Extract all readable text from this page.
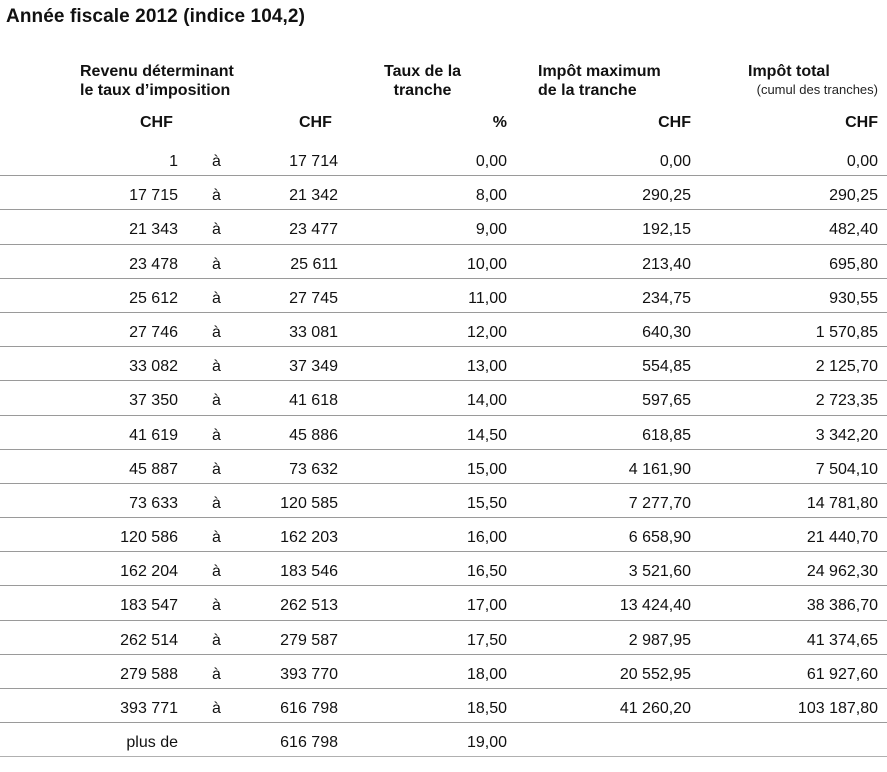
Année fiscale 2012 (indice 104,2)
Revenu déterminant
le taux d’imposition
Taux de la
tranche
Impôt maximum
de la tranche
Impôt total
(cumul des tranches)
CHF	CHF	%	CHF	CHF
1 à	17 714	0,00	0,00	0,00
17 715 à	21 342	8,00	290,25	290,25
21 343 à	23 477	9,00	192,15	482,40
23 478 à	25 611	10,00	213,40	695,80
25 612 à	27 745	11,00	234,75	930,55
27 746 à	33 081	12,00	640,30	1 570,85
33 082 à	37 349	13,00	554,85	2 125,70
37 350 à	41 618	14,00	597,65	2 723,35
41 619 à	45 886	14,50	618,85	3 342,20
45 887 à	73 632	15,00	4 161,90	7 504,10
73 633 à	120 585	15,50	7 277,70	14 781,80
120 586 à	162 203	16,00	6 658,90	21 440,70
162 204 à	183 546	16,50	3 521,60	24 962,30
183 547 à	262 513	17,00	13 424,40	38 386,70
262 514 à	279 587	17,50	2 987,95	41 374,65
279 588 à	393 770	18,00	20 552,95	61 927,60
393 771 à	616 798	18,50	41 260,20	103 187,80
plus de	616 798	19,00
